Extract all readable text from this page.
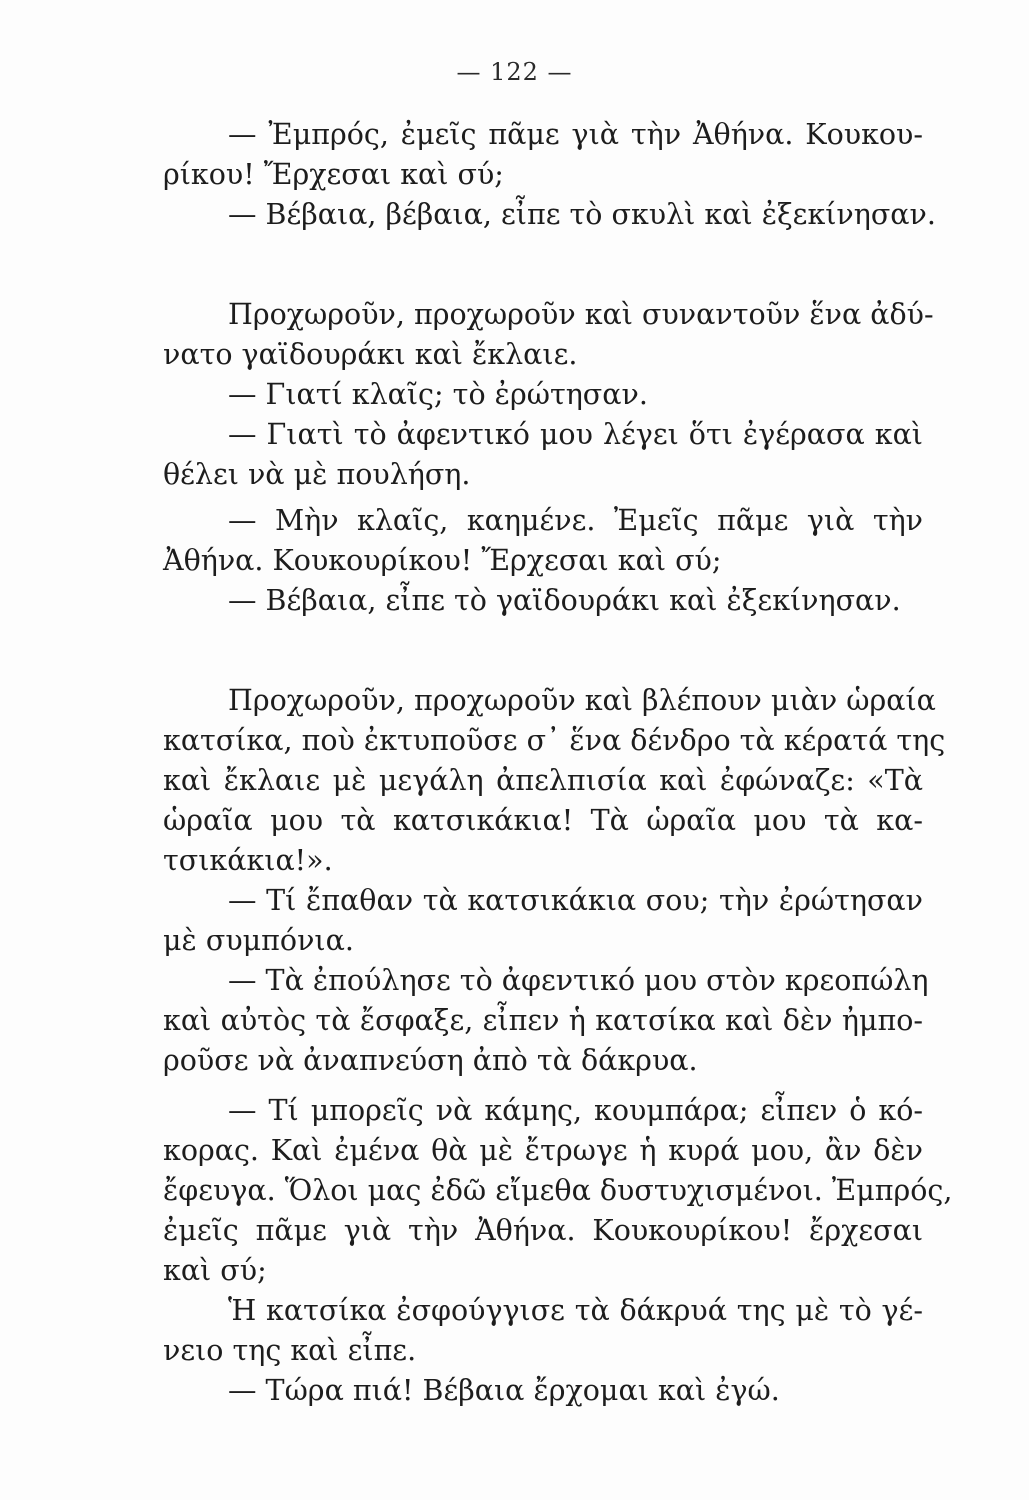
— 122 —
— Ἐμπρός, ἐμεῖς πᾶμε γιὰ τὴν Ἀθήνα. Κουκου-
ρίκου! Ἔρχεσαι καὶ σύ;
— Βέβαια, βέβαια, εἶπε τὸ σκυλὶ καὶ ἐξεκίνησαν.
Προχωροῦν, προχωροῦν καὶ συναντοῦν ἕνα ἀδύ-
νατο γαϊδουράκι καὶ ἔκλαιε.
— Γιατί κλαῖς; τὸ ἐρώτησαν.
— Γιατὶ τὸ ἀφεντικό μου λέγει ὅτι ἐγέρασα καὶ
θέλει νὰ μὲ πουλήση.
— Μὴν κλαῖς, καημένε. Ἐμεῖς πᾶμε γιὰ τὴν
Ἀθήνα. Κουκουρίκου! Ἔρχεσαι καὶ σύ;
— Βέβαια, εἶπε τὸ γαϊδουράκι καὶ ἐξεκίνησαν.
Προχωροῦν, προχωροῦν καὶ βλέπουν μιὰν ὡραία
κατσίκα, ποὺ ἐκτυποῦσε σ᾿ ἕνα δένδρο τὰ κέρατά της
καὶ ἔκλαιε μὲ μεγάλη ἀπελπισία καὶ ἐφώναζε: «Τὰ
ὡραῖα μου τὰ κατσικάκια! Τὰ ὡραῖα μου τὰ κα-
τσικάκια!».
— Τί ἔπαθαν τὰ κατσικάκια σου; τὴν ἐρώτησαν
μὲ συμπόνια.
— Τὰ ἐπούλησε τὸ ἀφεντικό μου στὸν κρεοπώλη
καὶ αὐτὸς τὰ ἔσφαξε, εἶπεν ἡ κατσίκα καὶ δὲν ἠμπο-
ροῦσε νὰ ἀναπνεύση ἀπὸ τὰ δάκρυα.
— Τί μπορεῖς νὰ κάμης, κουμπάρα; εἶπεν ὁ κό-
κορας. Καὶ ἐμένα θὰ μὲ ἔτρωγε ἡ κυρά μου, ἂν δὲν
ἔφευγα. Ὅλοι μας ἐδῶ εἴμεθα δυστυχισμένοι. Ἐμπρός,
ἐμεῖς πᾶμε γιὰ τὴν Ἀθήνα. Κουκουρίκου! ἔρχεσαι
καὶ σύ;
Ἡ κατσίκα ἐσφούγγισε τὰ δάκρυά της μὲ τὸ γέ-
νειο της καὶ εἶπε.
— Τώρα πιά! Βέβαια ἔρχομαι καὶ ἐγώ.
